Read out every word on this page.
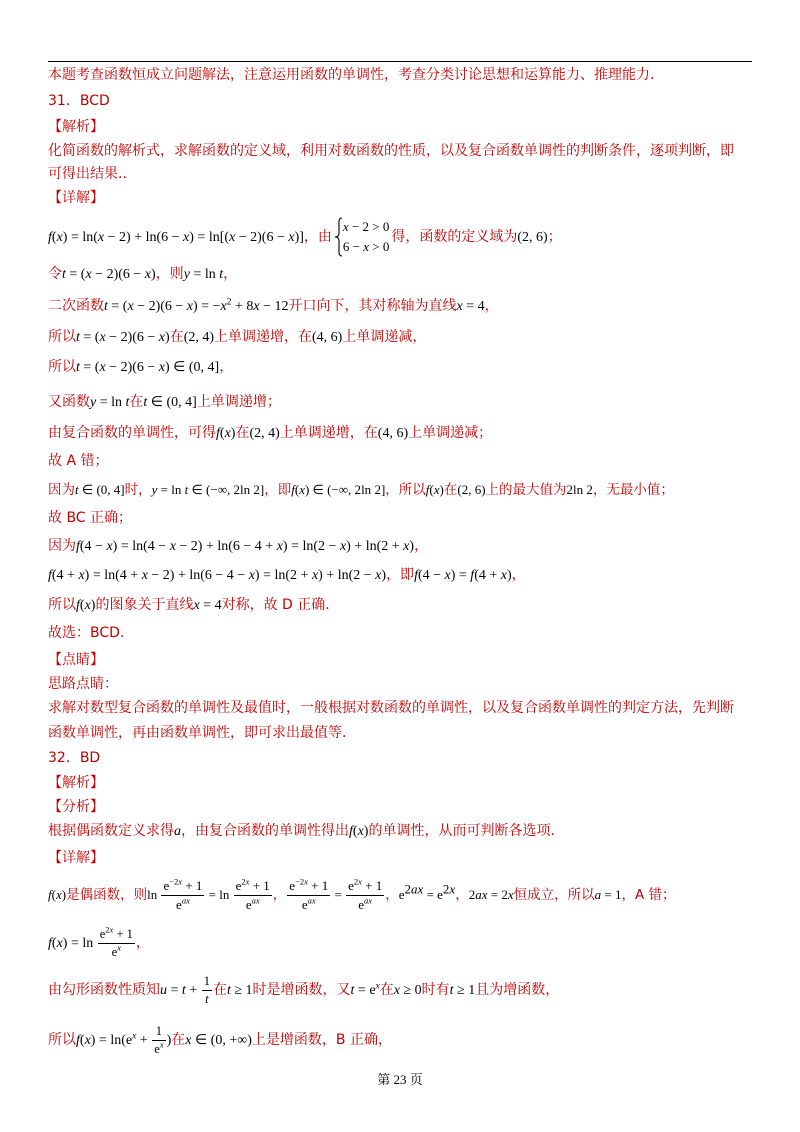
本题考查函数恒成立问题解法，注意运用函数的单调性，考查分类讨论思想和运算能力、推理能力.
31．BCD
【解析】
化简函数的解析式，求解函数的定义域，利用对数函数的性质，以及复合函数单调性的判断条件，逐项判断，即
可得出结果..
【详解】
f(x) = ln(x − 2) + ln(6 − x) = ln[(x − 2)(6 − x)]，由
x − 2 > 0
6 − x > 0
得，函数的定义域为(2, 6)；
令t = (x − 2)(6 − x)，则y = ln t，
二次函数$t = (x - 2)(6 - x) = -x^2 + 8x - 12$开口向下，其对称轴为直线x = 4，
所以t = (x − 2)(6 − x)在(2, 4)上单调递增，在(4, 6)上单调递减，
所以t = (x − 2)(6 − x) ∈ (0, 4]，
又函数y = ln t在t ∈ (0, 4]上单调递增；
由复合函数的单调性，可得f(x)在(2, 4)上单调递增，在(4, 6)上单调递减；
故 A 错；
因为t ∈ (0, 4]时，y = ln t ∈ (−∞, 2ln 2]，即f(x) ∈ (−∞, 2ln 2]，所以f(x)在(2, 6)上的最大值为2ln 2，无最小值；
故 BC 正确；
因为f(4 − x) = ln(4 − x − 2) + ln(6 − 4 + x) = ln(2 − x) + ln(2 + x)，
f(4 + x) = ln(4 + x − 2) + ln(6 − 4 − x) = ln(2 + x) + ln(2 − x)，即f(4 − x) = f(4 + x)，
所以f(x)的图象关于直线x = 4对称，故 D 正确.
故选：BCD.
【点睛】
思路点睛：
求解对数型复合函数的单调性及最值时，一般根据对数函数的单调性，以及复合函数单调性的判定方法，先判断
函数单调性，再由函数单调性，即可求出最值等.
32．BD
【解析】
【分析】
根据偶函数定义求得a，由复合函数的单调性得出f(x)的单调性，从而可判断各选项.
【详解】
f(x)是偶函数，则$\ln \frac{e^{-2x} + 1}{e^{ax}} = \ln \frac{e^{2x} + 1}{e^{ax}}$ ， $\frac{e^{-2x} + 1}{e^{ax}} = \frac{e^{2x} + 1}{e^{ax}}$ ，$e^{2ax} = e^{2x}$，2ax = 2x恒成立，所以a = 1，A 错；
$f(x) = \ln \frac{e^{2x} + 1}{e^x}$ ，
由勾形函数性质知$u = t + \frac{1}{t}$ 在t ≥ 1时是增函数，又$t = e^x$在x ≥ 0时有t ≥ 1且为增函数，
所以$f(x) = \ln(e^x + \frac{1}{e^x}$ )在x ∈ (0, +∞)上是增函数，B 正确，
第 23 页
